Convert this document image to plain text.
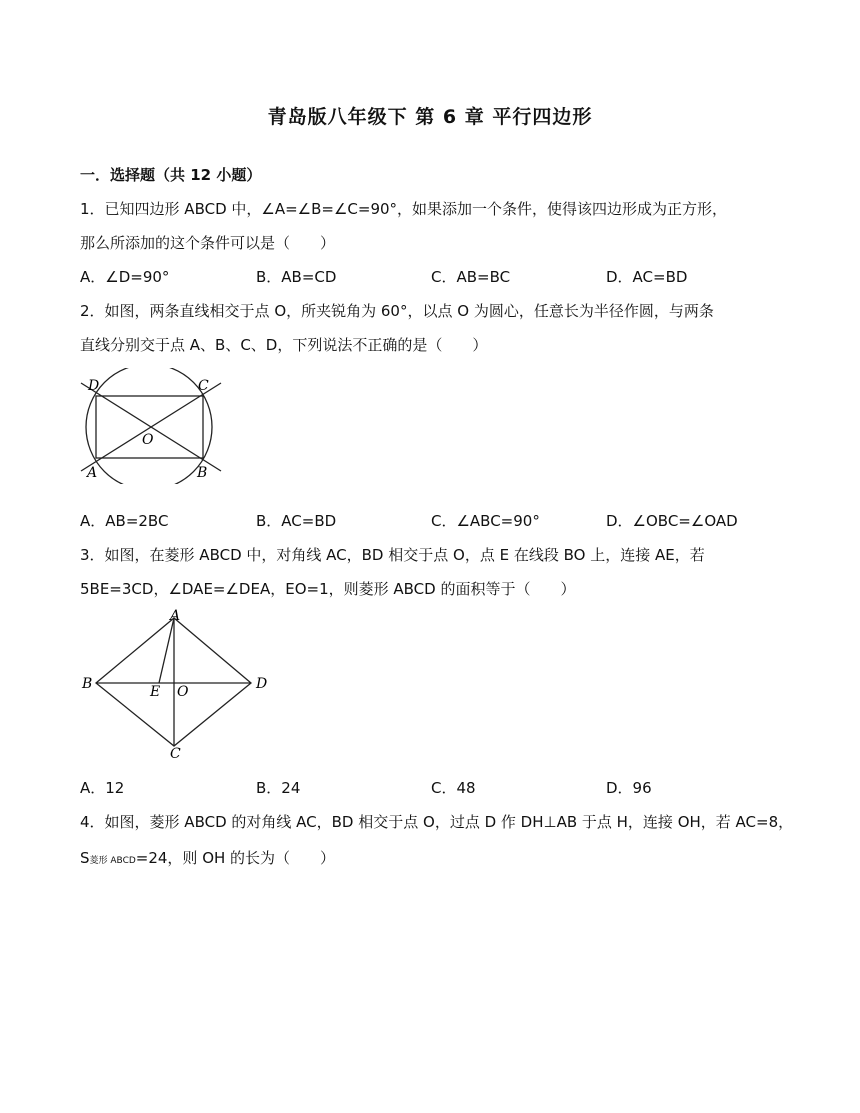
青岛版八年级下 第 6 章 平行四边形
一．选择题（共 12 小题）
1．已知四边形 ABCD 中，∠A=∠B=∠C=90°，如果添加一个条件，使得该四边形成为正方形，
那么所添加的这个条件可以是（　　）
A．∠D=90°	B．AB=CD	C．AB=BC	D．AC=BD
2．如图，两条直线相交于点 O，所夹锐角为 60°，以点 O 为圆心，任意长为半径作圆，与两条
直线分别交于点 A、B、C、D，下列说法不正确的是（　　）
D	C
O
A	B
A．AB=2BC	B．AC=BD	C．∠ABC=90°	D．∠OBC=∠OAD
3．如图，在菱形 ABCD 中，对角线 AC，BD 相交于点 O，点 E 在线段 BO 上，连接 AE，若
5BE=3CD，∠DAE=∠DEA，EO=1，则菱形 ABCD 的面积等于（　　）
A
B	E O	D
C
A．12	B．24	C．48	D．96
4．如图，菱形 ABCD 的对角线 AC，BD 相交于点 O，过点 D 作 DH⊥AB 于点 H，连接 OH，若 AC=8，
S菱形 ABCD=24，则 OH 的长为（　　）
